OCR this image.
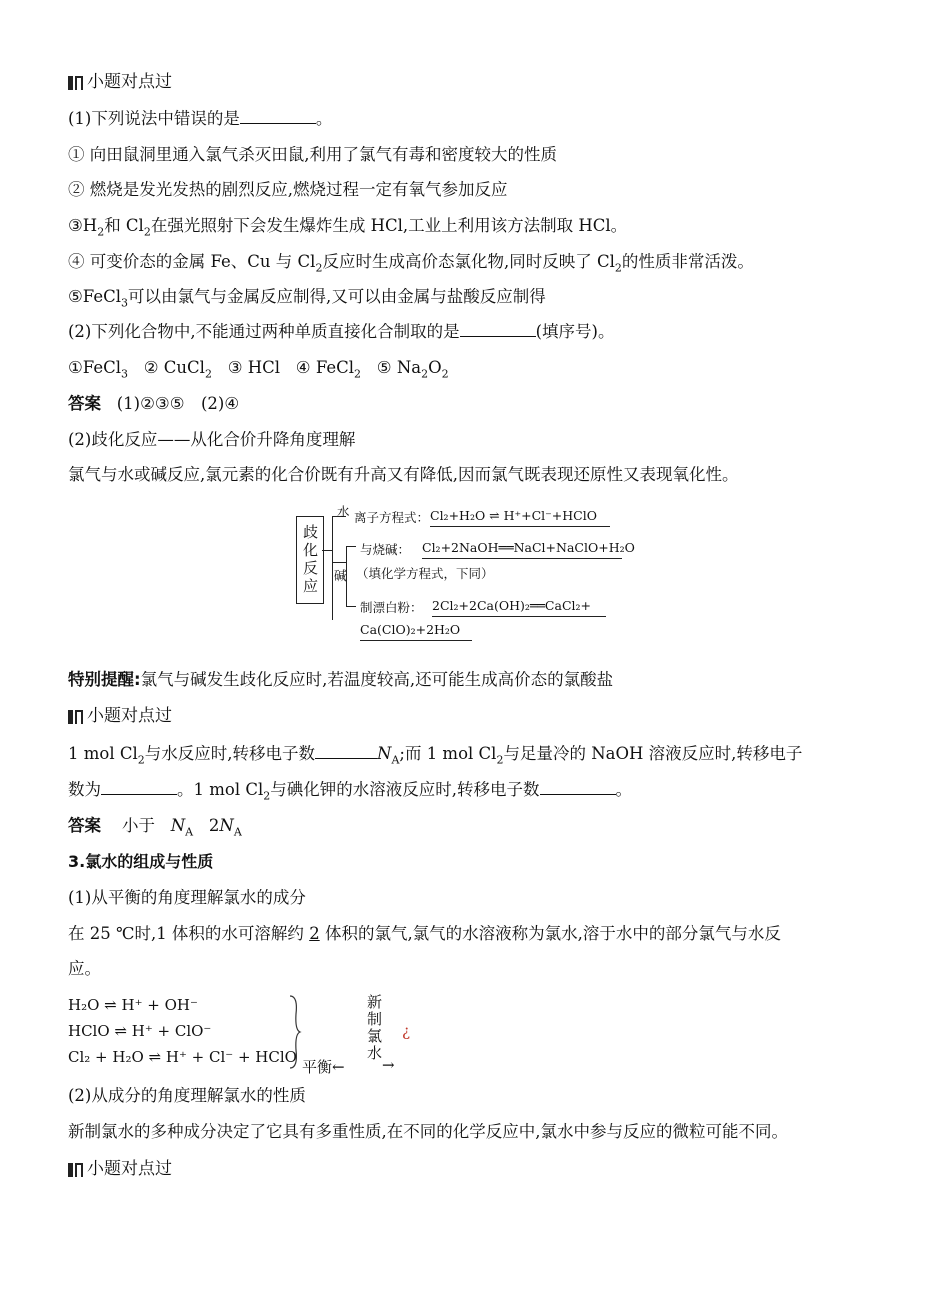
小题对点过
(1)下列说法中错误的是	。
① 向田鼠洞里通入氯气杀灭田鼠,利用了氯气有毒和密度较大的性质
② 燃烧是发光发热的剧烈反应,燃烧过程一定有氧气参加反应
$③H_2$和 $Cl_2$在强光照射下会发生爆炸生成 HCl,工业上利用该方法制取 HCl。
④ 可变价态的金属 Fe、Cu 与 $Cl_2$反应时生成高价态氯化物,同时反映了 $Cl_2$的性质非常活泼。
⑤FeCl$_3$可以由氯气与金属反应制得,又可以由金属与盐酸反应制得
(2)下列化合物中,不能通过两种单质直接化合制取的是	(填序号)。
①FeCl$_3$ ② CuCl$_2$ ③ HCl ④ FeCl$_2$ ⑤ $Na_2O_2$
答案 (1)②③⑤　(2)④
(2)歧化反应——从化合价升降角度理解
氯气与水或碱反应,氯元素的化合价既有升高又有降低,因而氯气既表现还原性又表现氧化性。
歧化反应
水 离子方程式： Cl₂+H₂O ⇌ H⁺+Cl⁻+HClO
碱
与烧碱： Cl₂+2NaOH══NaCl+NaClO+H₂O
（填化学方程式，下同）
制漂白粉： 2Cl₂+2Ca(OH)₂══CaCl₂+
Ca(ClO)₂+2H₂O
特别提醒:氯气与碱发生歧化反应时,若温度较高,还可能生成高价态的氯酸盐
小题对点过
1 mol $Cl_2$与水反应时,转移电子数	$N_A$;而 1 mol $Cl_2$与足量冷的 NaOH 溶液反应时,转移电子
数为	。1 mol $Cl_2$与碘化钾的水溶液反应时,转移电子数	。
答案 小于 $N_A$ $2N_A$
3.氯水的组成与性质
(1)从平衡的角度理解氯水的成分
在 25 ℃时,1 体积的水可溶解约 2 体积的氯气,氯气的水溶液称为氯水,溶于水中的部分氯气与水反
应。
H₂O ⇌ H⁺ + OH⁻
HClO ⇌ H⁺ + ClO⁻
Cl₂ + H₂O ⇌ H⁺ + Cl⁻ + HClO
平衡←
新制氯水
→
¿
(2)从成分的角度理解氯水的性质
新制氯水的多种成分决定了它具有多重性质,在不同的化学反应中,氯水中参与反应的微粒可能不同。
小题对点过
